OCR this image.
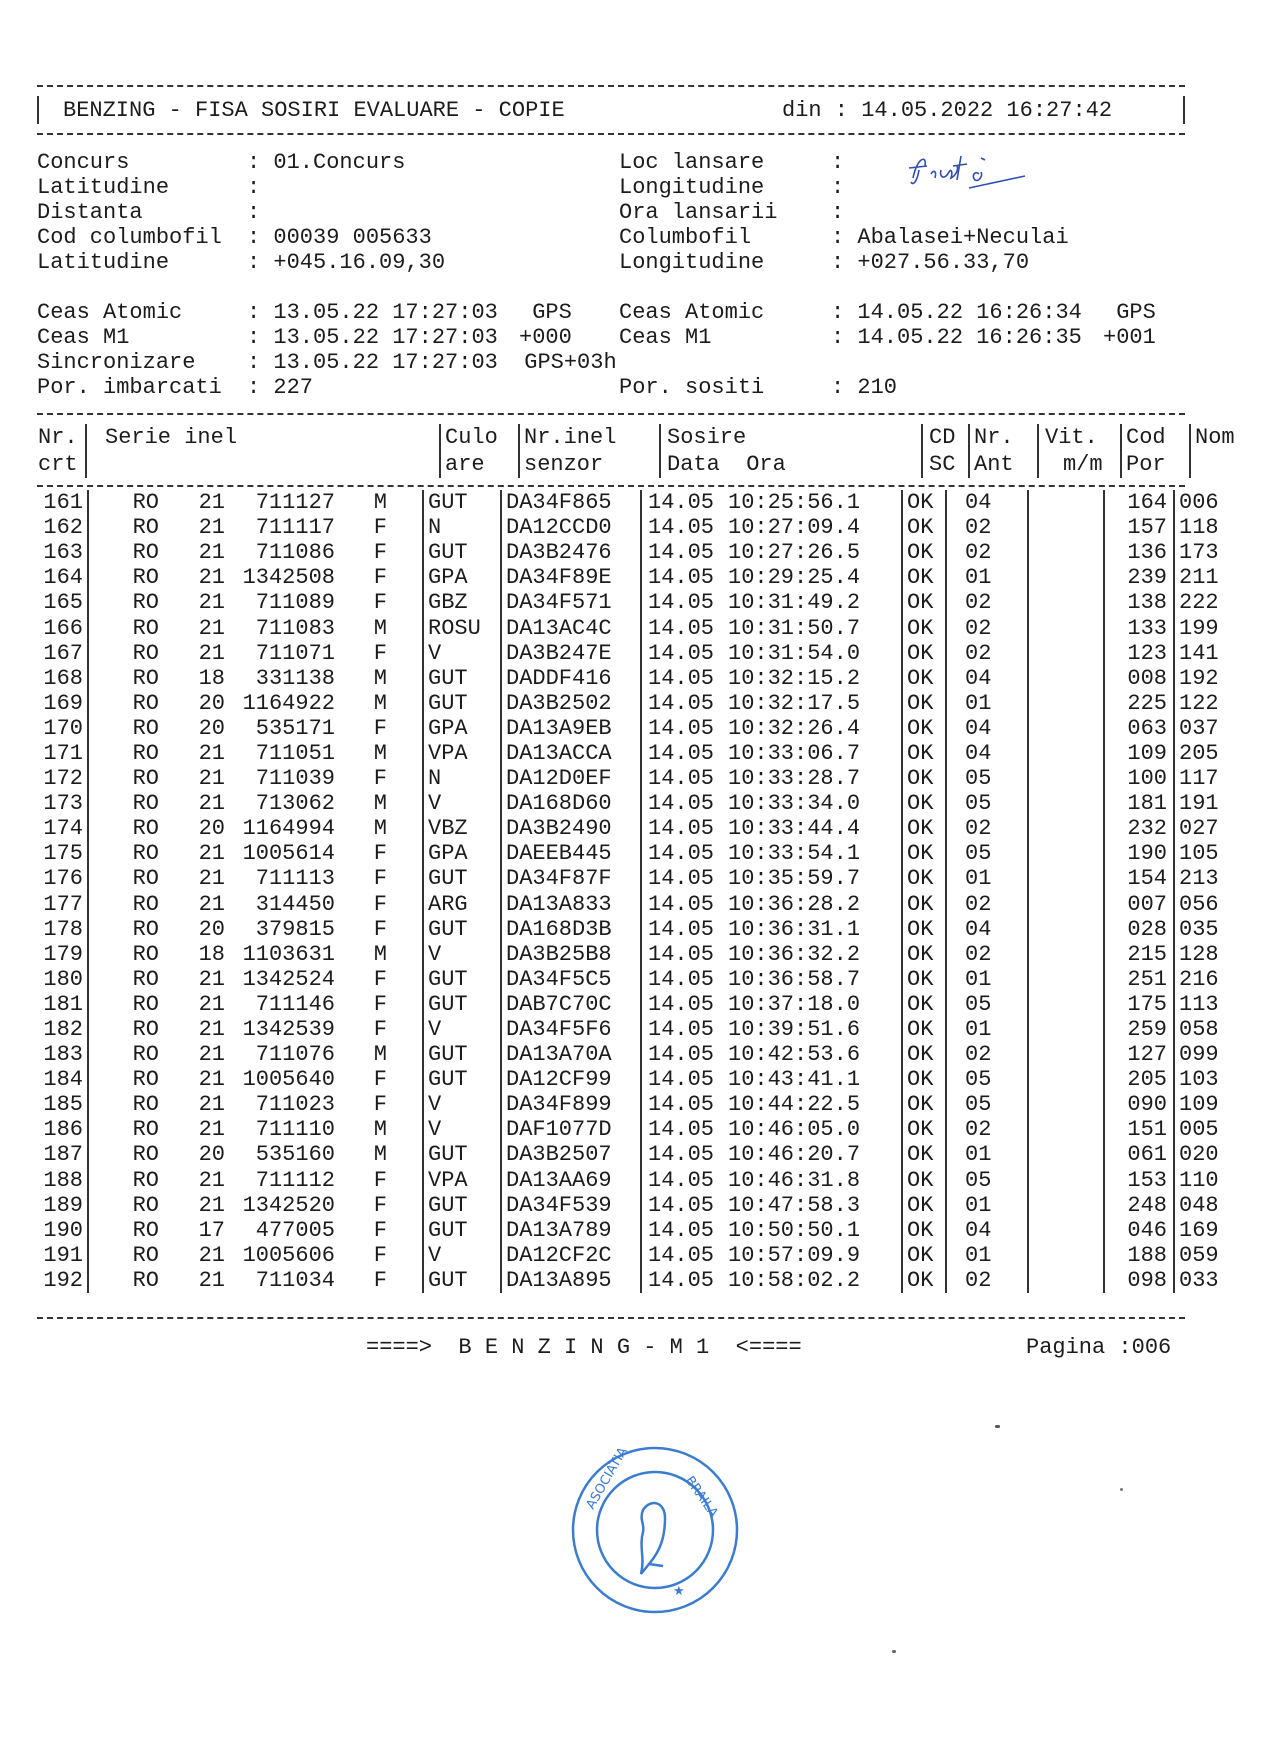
BENZING - FISA SOSIRI EVALUARE - COPIE	din : 14.05.2022 16:27:42
Concurs	: 01.Concurs
Latitudine	:
Distanta	:
Cod columbofil : 00039 005633
Latitudine	: +045.16.09,30
Loc lansare	:
Longitudine	:
Ora lansarii :
Columbofil	: Abalasei+Neculai
Longitudine	: +027.56.33,70
Ceas Atomic	: 13.05.22 17:27:03 GPS
Ceas M1	: 13.05.22 17:27:03 +000
Sincronizare : 13.05.22 17:27:03 GPS+03h
Por. imbarcati : 227
Ceas Atomic	: 14.05.22 16:26:34 GPS
Ceas M1	: 14.05.22 16:26:35 +001

Por. sositi	: 210
Nr.	Serie inel	Culo	Nr.inel	Sosire	CD	Nr.	Vit.	Cod	Nom
crt		are	senzor	Data  Ora	SC	Ant	m/m	Por	
161	RO 21 711127 M	GUT	DA34F865	14.05 10:25:56.1	OK	04		164	006
162	RO 21 711117 F	N	DA12CCD0	14.05 10:27:09.4	OK	02		157	118
163	RO 21 711086 F	GUT	DA3B2476	14.05 10:27:26.5	OK	02		136	173
164	RO 21 1342508 F	GPA	DA34F89E	14.05 10:29:25.4	OK	01		239	211
165	RO 21 711089 F	GBZ	DA34F571	14.05 10:31:49.2	OK	02		138	222
166	RO 21 711083 M	ROSU	DA13AC4C	14.05 10:31:50.7	OK	02		133	199
167	RO 21 711071 F	V	DA3B247E	14.05 10:31:54.0	OK	02		123	141
168	RO 18 331138 M	GUT	DADDF416	14.05 10:32:15.2	OK	04		008	192
169	RO 20 1164922 M	GUT	DA3B2502	14.05 10:32:17.5	OK	01		225	122
170	RO 20 535171 F	GPA	DA13A9EB	14.05 10:32:26.4	OK	04		063	037
171	RO 21 711051 M	VPA	DA13ACCA	14.05 10:33:06.7	OK	04		109	205
172	RO 21 711039 F	N	DA12D0EF	14.05 10:33:28.7	OK	05		100	117
173	RO 21 713062 M	V	DA168D60	14.05 10:33:34.0	OK	05		181	191
174	RO 20 1164994 M	VBZ	DA3B2490	14.05 10:33:44.4	OK	02		232	027
175	RO 21 1005614 F	GPA	DAEEB445	14.05 10:33:54.1	OK	05		190	105
176	RO 21 711113 F	GUT	DA34F87F	14.05 10:35:59.7	OK	01		154	213
177	RO 21 314450 F	ARG	DA13A833	14.05 10:36:28.2	OK	02		007	056
178	RO 20 379815 F	GUT	DA168D3B	14.05 10:36:31.1	OK	04		028	035
179	RO 18 1103631 M	V	DA3B25B8	14.05 10:36:32.2	OK	02		215	128
180	RO 21 1342524 F	GUT	DA34F5C5	14.05 10:36:58.7	OK	01		251	216
181	RO 21 711146 F	GUT	DAB7C70C	14.05 10:37:18.0	OK	05		175	113
182	RO 21 1342539 F	V	DA34F5F6	14.05 10:39:51.6	OK	01		259	058
183	RO 21 711076 M	GUT	DA13A70A	14.05 10:42:53.6	OK	02		127	099
184	RO 21 1005640 F	GUT	DA12CF99	14.05 10:43:41.1	OK	05		205	103
185	RO 21 711023 F	V	DA34F899	14.05 10:44:22.5	OK	05		090	109
186	RO 21 711110 M	V	DAF1077D	14.05 10:46:05.0	OK	02		151	005
187	RO 20 535160 M	GUT	DA3B2507	14.05 10:46:20.7	OK	01		061	020
188	RO 21 711112 F	VPA	DA13AA69	14.05 10:46:31.8	OK	05		153	110
189	RO 21 1342520 F	GUT	DA34F539	14.05 10:47:58.3	OK	01		248	048
190	RO 17 477005 F	GUT	DA13A789	14.05 10:50:50.1	OK	04		046	169
191	RO 21 1005606 F	V	DA12CF2C	14.05 10:57:09.9	OK	01		188	059
192	RO 21 711034 F	GUT	DA13A895	14.05 10:58:02.2	OK	02		098	033
====>  B E N Z I N G - M 1  <====	Pagina :006
ASOCIATIA	BRAILA
★
